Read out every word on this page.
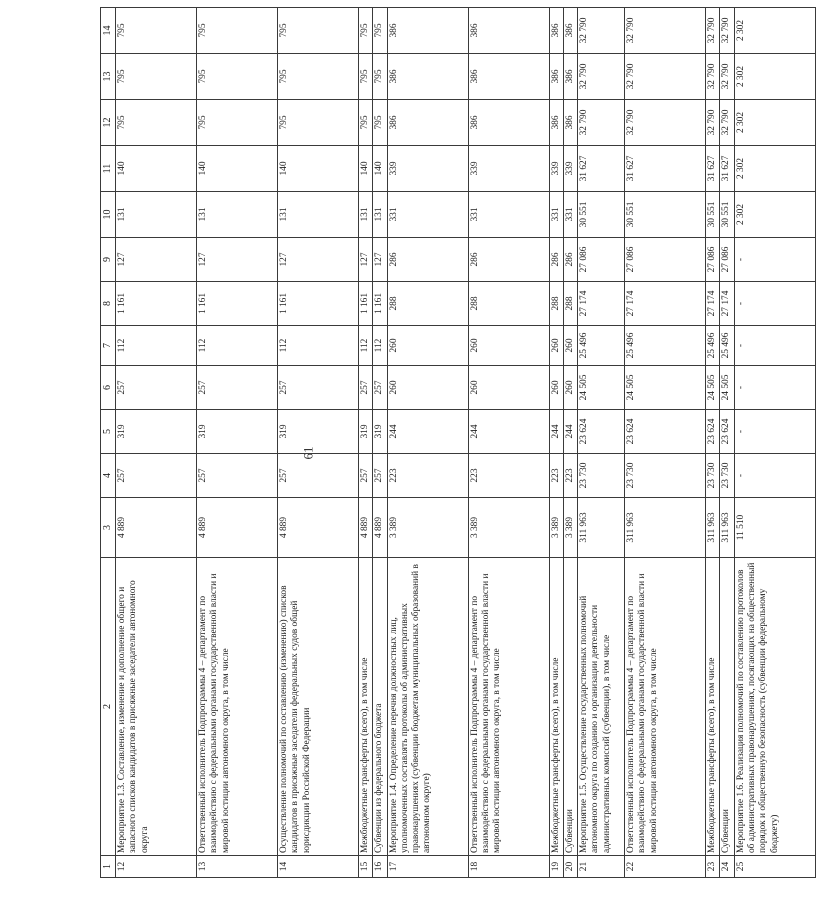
61
1	2	3	4	5	6	7	8	9	10	11	12	13	14
12	Мероприятие 1.3. Составление, изменение и дополнение общего и запасного списков кандидатов в присяжные заседатели автономного округа	4 889	257	319	257	112	1 161	127	131	140	795	795	795
13	Ответственный исполнитель Подпрограммы 4 – департамент по взаимодействию с федеральными органами государственной власти и мировой юстиции автономного округа, в том числе	4 889	257	319	257	112	1 161	127	131	140	795	795	795
14	Осуществление полномочий по составлению (изменению) списков кандидатов в присяжные заседатели федеральных судов общей юрисдикции Российской Федерации	4 889	257	319	257	112	1 161	127	131	140	795	795	795
15	Межбюджетные трансферты (всего), в том числе	4 889	257	319	257	112	1 161	127	131	140	795	795	795
16	Субвенции из федерального бюджета	4 889	257	319	257	112	1 161	127	131	140	795	795	795
17	Мероприятие 1.4. Определение перечня должностных лиц, уполномоченных составлять протоколы об административных правонарушениях (субвенции бюджетам муниципальных образований в автономном округе)	3 389	223	244	260	260	288	286	331	339	386	386	386
18	Ответственный исполнитель Подпрограммы 4 – департамент по взаимодействию с федеральными органами государственной власти и мировой юстиции автономного округа, в том числе	3 389	223	244	260	260	288	286	331	339	386	386	386
19	Межбюджетные трансферты (всего), в том числе	3 389	223	244	260	260	288	286	331	339	386	386	386
20	Субвенции	3 389	223	244	260	260	288	286	331	339	386	386	386
21	Мероприятие 1.5. Осуществление государственных полномочий автономного округа по созданию и организации деятельности административных комиссий (субвенции), в том числе	311 963	23 730	23 624	24 505	25 496	27 174	27 086	30 551	31 627	32 790	32 790	32 790
22	Ответственный исполнитель Подпрограммы 4 – департамент по взаимодействию с федеральными органами государственной власти и мировой юстиции автономного округа, в том числе	311 963	23 730	23 624	24 505	25 496	27 174	27 086	30 551	31 627	32 790	32 790	32 790
23	Межбюджетные трансферты (всего), в том числе	311 963	23 730	23 624	24 505	25 496	27 174	27 086	30 551	31 627	32 790	32 790	32 790
24	Субвенции	311 963	23 730	23 624	24 505	25 496	27 174	27 086	30 551	31 627	32 790	32 790	32 790
25	Мероприятие 1.6. Реализация полномочий по составлению протоколов об административных правонарушениях, посягающих на общественный порядок и общественную безопасность (субвенции федеральному бюджету)	11 510	-	-	-	-	-	-	2 302	2 302	2 302	2 302	2 302
